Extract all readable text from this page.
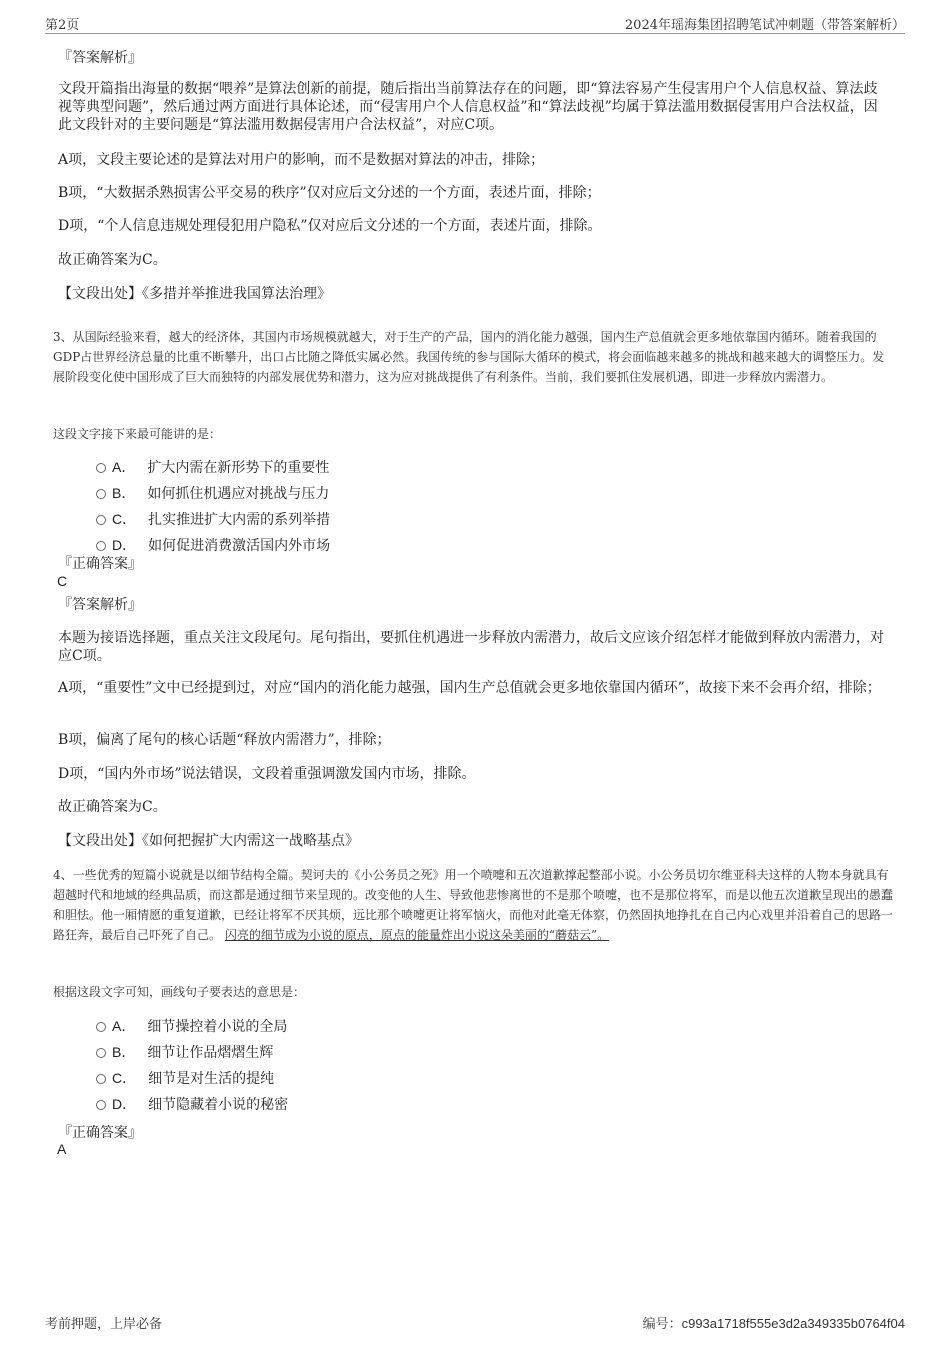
第2页	2024年瑶海集团招聘笔试冲刺题（带答案解析）
『答案解析』
文段开篇指出海量的数据“喂养”是算法创新的前提，随后指出当前算法存在的问题，即“算法容易产生侵害用户个人信息权益、算法歧视等典型问题”，然后通过两方面进行具体论述，而“侵害用户个人信息权益”和“算法歧视”均属于算法滥用数据侵害用户合法权益，因此文段针对的主要问题是“算法滥用数据侵害用户合法权益”，对应C项。
A项，文段主要论述的是算法对用户的影响，而不是数据对算法的冲击，排除；
B项，“大数据杀熟损害公平交易的秩序”仅对应后文分述的一个方面，表述片面，排除；
D项，“个人信息违规处理侵犯用户隐私”仅对应后文分述的一个方面，表述片面，排除。
故正确答案为C。
【文段出处】《多措并举推进我国算法治理》
3、从国际经验来看，越大的经济体，其国内市场规模就越大，对于生产的产品，国内的消化能力越强，国内生产总值就会更多地依靠国内循环。随着我国的GDP占世界经济总量的比重不断攀升，出口占比随之降低实属必然。我国传统的参与国际大循环的模式，将会面临越来越多的挑战和越来越大的调整压力。发展阶段变化使中国形成了巨大而独特的内部发展优势和潜力，这为应对挑战提供了有利条件。当前，我们要抓住发展机遇，即进一步释放内需潜力。
这段文字接下来最可能讲的是：
A． 扩大内需在新形势下的重要性
B． 如何抓住机遇应对挑战与压力
C． 扎实推进扩大内需的系列举措
D． 如何促进消费激活国内外市场
『正确答案』
C
『答案解析』
本题为接语选择题，重点关注文段尾句。尾句指出，要抓住机遇进一步释放内需潜力，故后文应该介绍怎样才能做到释放内需潜力，对应C项。
A项，“重要性”文中已经提到过，对应“国内的消化能力越强，国内生产总值就会更多地依靠国内循环”，故接下来不会再介绍，排除；
B项，偏离了尾句的核心话题“释放内需潜力”，排除；
D项，“国内外市场”说法错误，文段着重强调激发国内市场，排除。
故正确答案为C。
【文段出处】《如何把握扩大内需这一战略基点》
4、一些优秀的短篇小说就是以细节结构全篇。契诃夫的《小公务员之死》用一个喷嚏和五次道歉撑起整部小说。小公务员切尔维亚科夫这样的人物本身就具有超越时代和地域的经典品质，而这都是通过细节来呈现的。改变他的人生、导致他悲惨离世的不是那个喷嚏，也不是那位将军，而是以他五次道歉呈现出的愚蠢和胆怯。他一厢情愿的重复道歉，已经让将军不厌其烦，远比那个喷嚏更让将军恼火，而他对此毫无体察，仍然固执地挣扎在自己内心戏里并沿着自己的思路一路狂奔，最后自己吓死了自己。 闪亮的细节成为小说的原点，原点的能量炸出小说这朵美丽的“蘑菇云”。
根据这段文字可知，画线句子要表达的意思是：
A． 细节操控着小说的全局
B． 细节让作品熠熠生辉
C． 细节是对生活的提纯
D． 细节隐藏着小说的秘密
『正确答案』
A
考前押题，上岸必备	编号：c993a1718f555e3d2a349335b0764f04
